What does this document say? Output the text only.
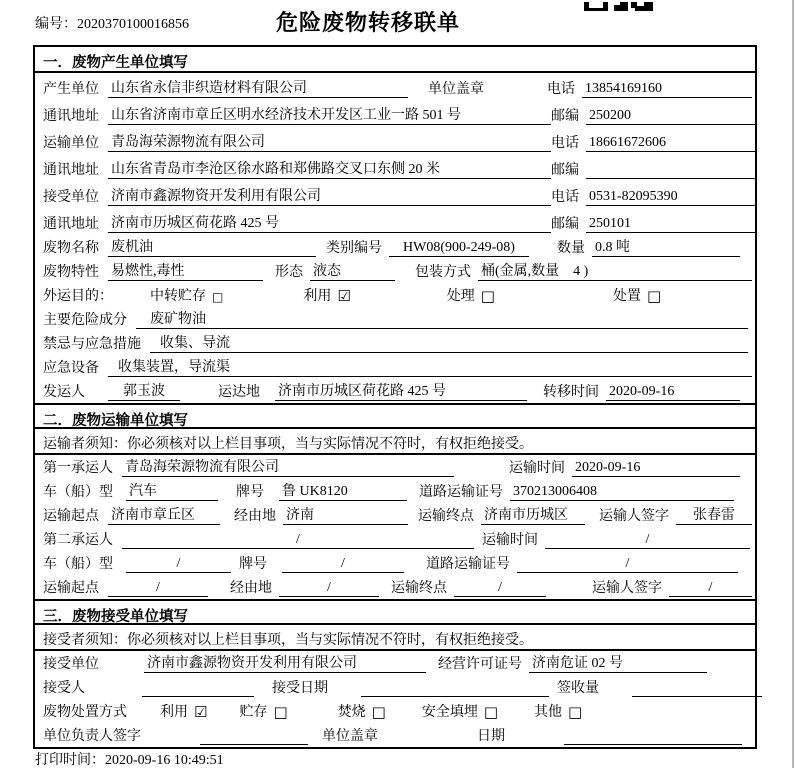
编号：2020370100016856	危险废物转移联单
一．废物产生单位填写
产生单位 山东省永信非织造材料有限公司	单位盖章	电话 13854169160
通讯地址 山东省济南市章丘区明水经济技术开发区工业一路 501 号	邮编 250200
运输单位 青岛海荣源物流有限公司	电话 18661672606
通讯地址 山东省青岛市李沧区徐水路和郑佛路交叉口东侧 20 米	邮编
接受单位 济南市鑫源物资开发利用有限公司	电话 0531-82095390
通讯地址 济南市历城区荷花路 425 号	邮编 250101
废物名称 废机油	类别编号	HW08(900-249-08)	数量 0.8 吨
废物特性 易燃性,毒性	形态 液态	包装方式 桶(金属,数量　4 )
外运目的：	中转贮存 □	利用 ☑	处理 □	处置 □
主要危险成分	废矿物油
禁忌与应急措施	收集、导流
应急设备	收集装置，导流渠
发运人	郭玉波	运达地 济南市历城区荷花路 425 号	转移时间 2020-09-16
二．废物运输单位填写
运输者须知：你必须核对以上栏目事项，当与实际情况不符时，有权拒绝接受。
第一承运人 青岛海荣源物流有限公司	运输时间 2020-09-16
车（船）型	汽车	牌号 鲁 UK8120	道路运输证号 370213006408
运输起点 济南市章丘区	经由地 济南	运输终点 济南市历城区	运输人签字	张春雷
第二承运人	/	运输时间	/
车（船）型	/	牌号	/	道路运输证号	/
运输起点	/	经由地	/	运输终点	/	运输人签字	/
三．废物接受单位填写
接受者须知：你必须核对以上栏目事项，当与实际情况不符时，有权拒绝接受。
接受单位	济南市鑫源物资开发利用有限公司	经营许可证号 济南危证 02 号
接受人	接受日期	签收量
废物处置方式 利用 ☑ 贮存 □	焚烧 □	安全填埋 □	其他 □
单位负责人签字	单位盖章	日期
打印时间：2020-09-16 10:49:51
